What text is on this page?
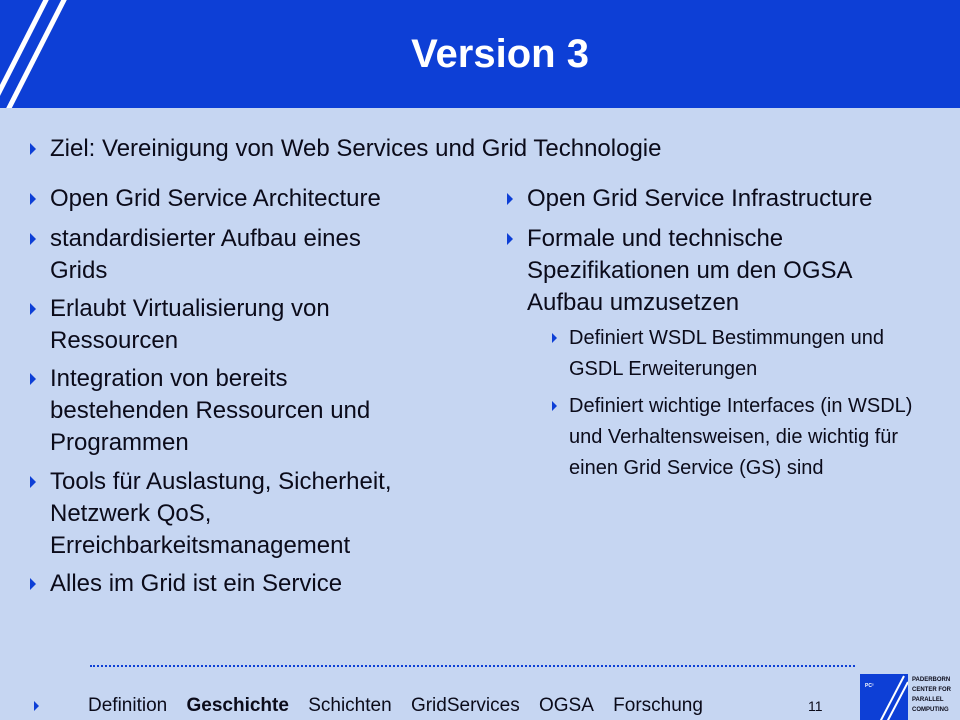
Version 3
Ziel: Vereinigung von Web Services und Grid Technologie
Open Grid Service Architecture
standardisierter Aufbau eines Grids
Erlaubt Virtualisierung von Ressourcen
Integration von bereits bestehenden Ressourcen und Programmen
Tools für Auslastung, Sicherheit, Netzwerk QoS, Erreichbarkeitsmanagement
Alles im Grid ist ein Service
Open Grid Service Infrastructure
Formale und technische Spezifikationen um den OGSA Aufbau umzusetzen
Definiert WSDL Bestimmungen und GSDL Erweiterungen
Definiert wichtige Interfaces (in WSDL) und Verhaltensweisen, die wichtig für einen Grid Service (GS) sind
Definition Geschichte Schichten GridServices OGSA Forschung	11
PC²
PADERBORN
CENTER FOR
PARALLEL
COMPUTING
